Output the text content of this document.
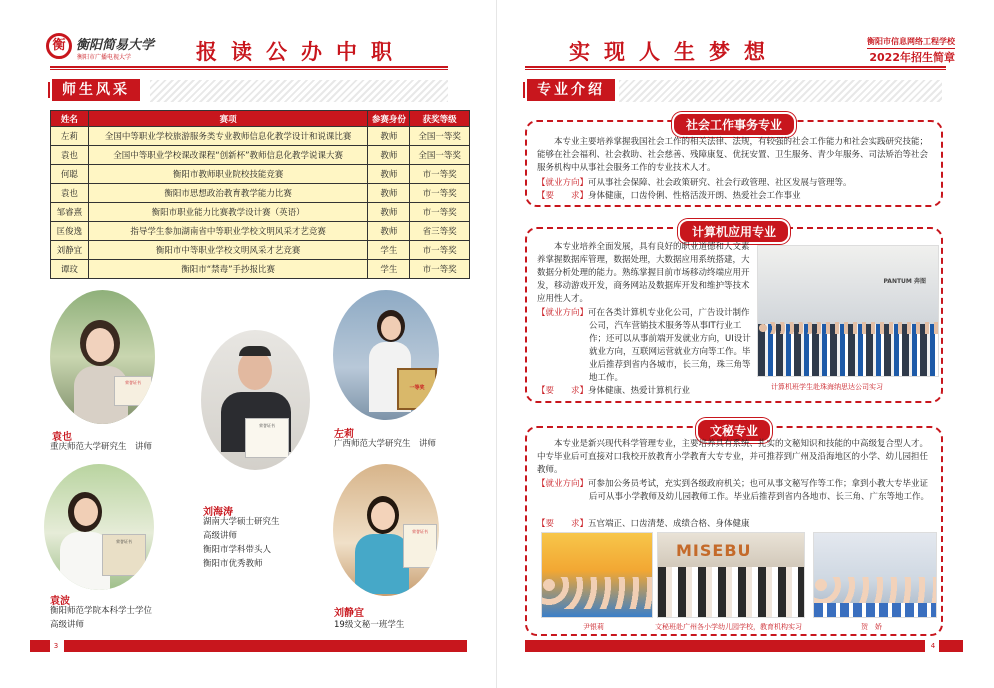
衡 衡阳简易大学
衡阳市广播电视大学	报读公办中职
师生风采
姓名	赛项	参赛身份	获奖等级
左莉	全国中等职业学校旅游服务类专业教师信息化教学设计和说课比赛	教师	全国一等奖
袁也	全国中等职业学校课改课程“创新杯”教师信息化教学说课大赛	教师	全国一等奖
何聪	衡阳市教师职业院校技能竞赛	教师	市一等奖
袁也	衡阳市思想政治教育教学能力比赛	教师	市一等奖
邹睿熹	衡阳市职业能力比赛教学设计赛（英语）	教师	市一等奖
匡俊逸	指导学生参加湖南省中等职业学校文明风采才艺竞赛	教师	省三等奖
刘静宜	衡阳市中等职业学校文明风采才艺竞赛	学生	市一等奖
谭玟	衡阳市“禁毒”手抄报比赛	学生	市一等奖
荣誉证书
袁也
重庆师范大学研究生　讲师
荣誉证书
刘海涛
湖南大学硕士研究生
高级讲师
衡阳市学科带头人
衡阳市优秀教师
一等奖
左莉
广西师范大学研究生　讲师
荣誉证书
袁波
衡阳师范学院本科学士学位
高级讲师
荣誉证书
刘静宜
19级文秘一班学生
3
实现人生梦想	衡阳市信息网络工程学校
2022年招生简章
专业介绍
社会工作事务专业
本专业主要培养掌握我国社会工作的相关法律、法规，有较强的社会工作能力和社会实践研究技能；能够在社会福利、社会救助、社会慈善、残障康复、优抚安置、卫生服务、青少年服务、司法矫治等社会服务机构中从事社会服务工作的专业技术人才。
【就业方向】可从事社会保障、社会政策研究、社会行政管理、社区发展与管理等。
【要　　求】身体健康，口齿伶俐、性格活泼开朗、热爱社会工作事业
计算机应用专业
本专业培养全面发展，具有良好的职业道德和人文素养掌握数据库管理，数据处理，大数据应用系统搭建，大数据分析处理的能力。熟练掌握目前市场移动终端应用开发，移动游戏开发，商务网站及数据库开发和维护等技术应用性人才。
【就业方向】可在各类计算机专业化公司，广告设计制作公司，汽车营销技术服务等从事IT行业工作；还可以从事前端开发就业方向，UI设计就业方向，互联网运营就业方向等工作。毕业后推荐到省内各城市，长三角，珠三角等地工作。
【要　　求】身体健康、热爱计算机行业
PANTUM 奔图
计算机班学生赴珠海纳思达公司实习
文秘专业
本专业是新兴现代科学管理专业，主要培养具有系统、扎实的文秘知识和技能的中高级复合型人才。中专毕业后可直接对口我校开放教育小学教育大专专业，并可推荐到广州及沿海地区的小学、幼儿园担任教师。
【就业方向】可参加公务员考试，充实到各级政府机关；也可从事文秘写作等工作；拿到小教大专毕业证后可从事小学教师及幼儿园教师工作。毕业后推荐到省内各地市、长三角、广东等地工作。
【要　　求】五官端正、口齿清楚、成绩合格、身体健康
尹银莉
MISEBU
文秘班赴广州各小学幼儿园学校，教育机构实习	贺　娇
4
